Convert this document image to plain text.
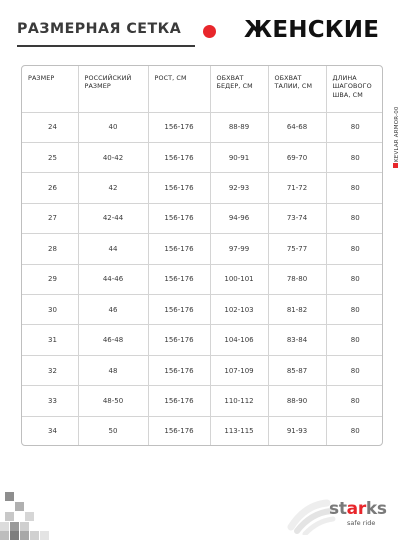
РАЗМЕРНАЯ СЕТКА	ЖЕНСКИЕ
РАЗМЕР	РОССИЙСКИЙ РАЗМЕР	РОСТ, СМ	ОБХВАТ БЕДЕР, СМ	ОБХВАТ ТАЛИИ, СМ	ДЛИНА ШАГОВОГО ШВА, СМ
24	40	156-176	88-89	64-68	80
25	40-42	156-176	90-91	69-70	80
26	42	156-176	92-93	71-72	80
27	42-44	156-176	94-96	73-74	80
28	44	156-176	97-99	75-77	80
29	44-46	156-176	100-101	78-80	80
30	46	156-176	102-103	81-82	80
31	46-48	156-176	104-106	83-84	80
32	48	156-176	107-109	85-87	80
33	48-50	156-176	110-112	88-90	80
34	50	156-176	113-115	91-93	80
KEVLAR ARMOR-00
starks
safe ride
